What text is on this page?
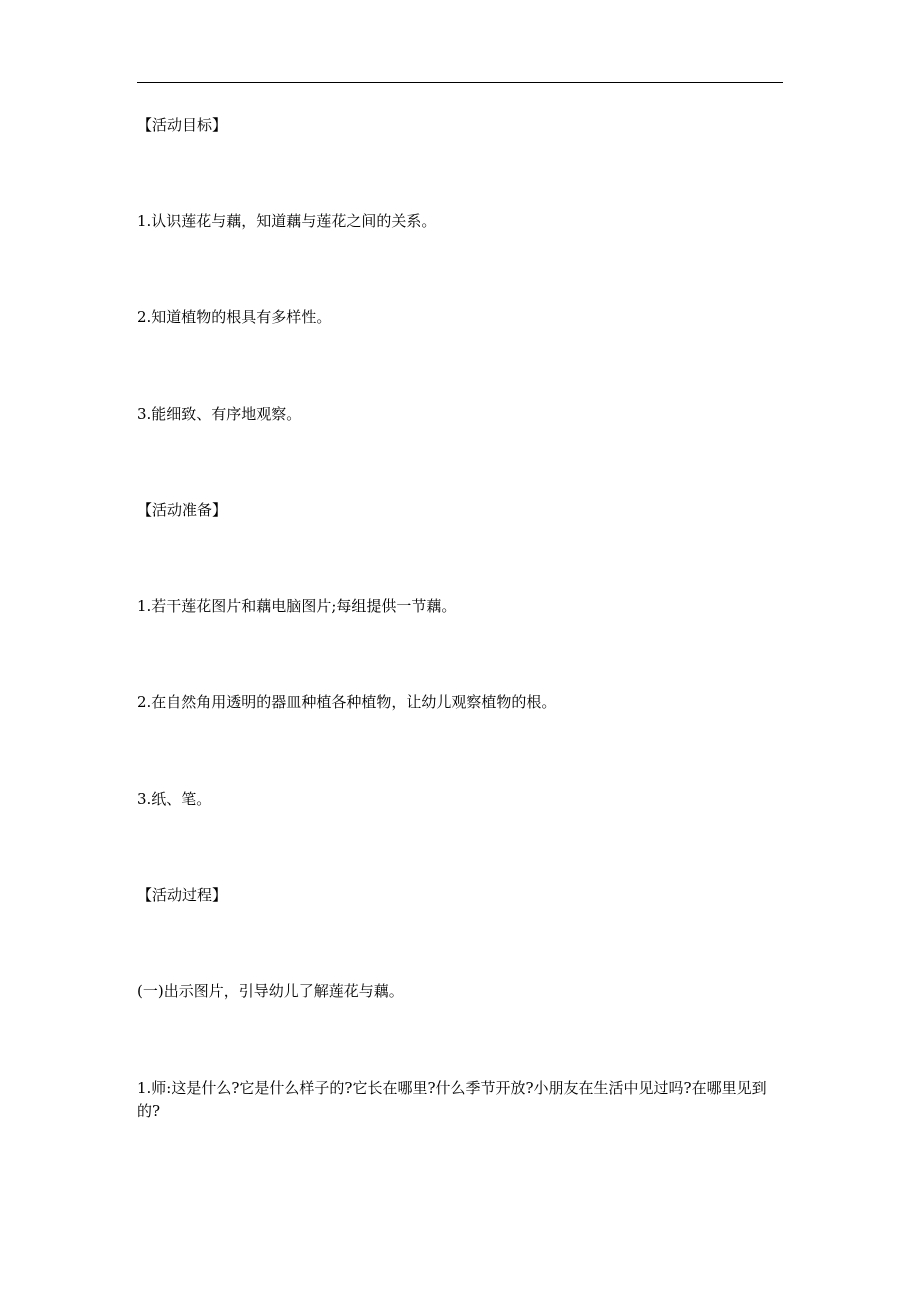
【活动目标】
1.认识莲花与藕，知道藕与莲花之间的关系。
2.知道植物的根具有多样性。
3.能细致、有序地观察。
【活动准备】
1.若干莲花图片和藕电脑图片;每组提供一节藕。
2.在自然角用透明的器皿种植各种植物，让幼儿观察植物的根。
3.纸、笔。
【活动过程】
(一)出示图片，引导幼儿了解莲花与藕。
1.师:这是什么?它是什么样子的?它长在哪里?什么季节开放?小朋友在生活中见过吗?在哪里见到的?
